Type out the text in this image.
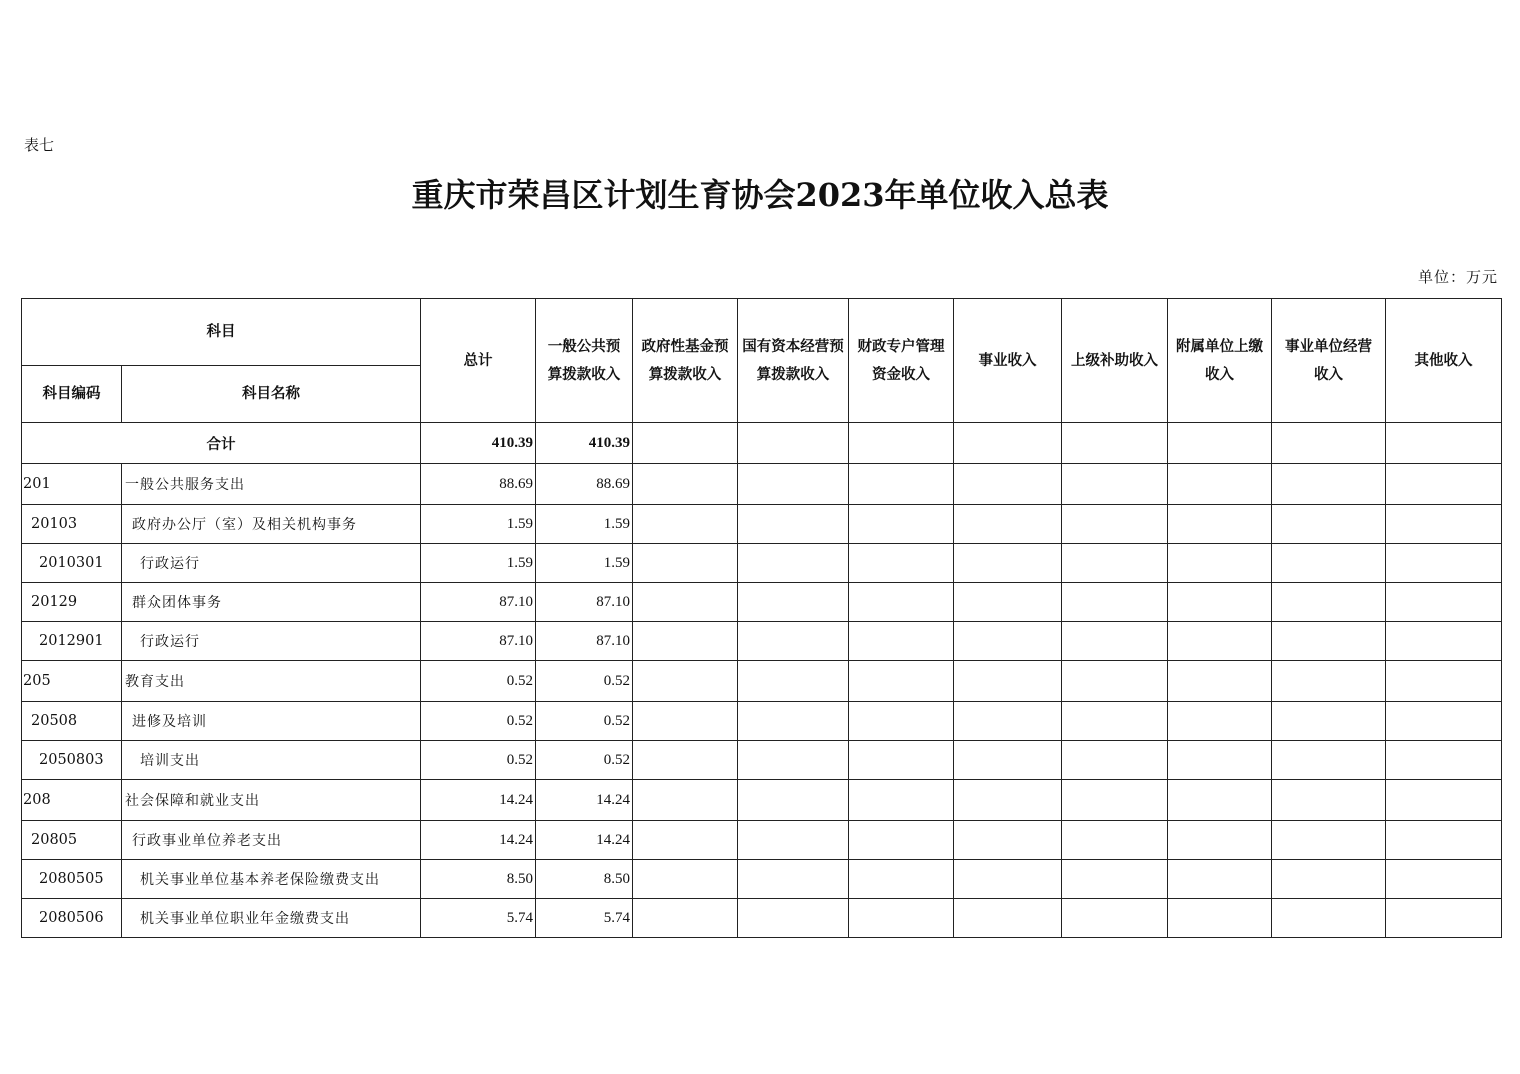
表七
重庆市荣昌区计划生育协会2023年单位收入总表
单位：万元
科目		总计	一般公共预算拨款收入	政府性基金预算拨款收入	国有资本经营预算拨款收入	财政专户管理资金收入	事业收入	上级补助收入	附属单位上缴收入	事业单位经营收入	其他收入
科目编码	科目名称										
合计		410.39	410.39								
201	一般公共服务支出	88.69	88.69								
20103	政府办公厅（室）及相关机构事务	1.59	1.59								
2010301	行政运行	1.59	1.59								
20129	群众团体事务	87.10	87.10								
2012901	行政运行	87.10	87.10								
205	教育支出	0.52	0.52								
20508	进修及培训	0.52	0.52								
2050803	培训支出	0.52	0.52								
208	社会保障和就业支出	14.24	14.24								
20805	行政事业单位养老支出	14.24	14.24								
2080505	机关事业单位基本养老保险缴费支出	8.50	8.50								
2080506	机关事业单位职业年金缴费支出	5.74	5.74								
